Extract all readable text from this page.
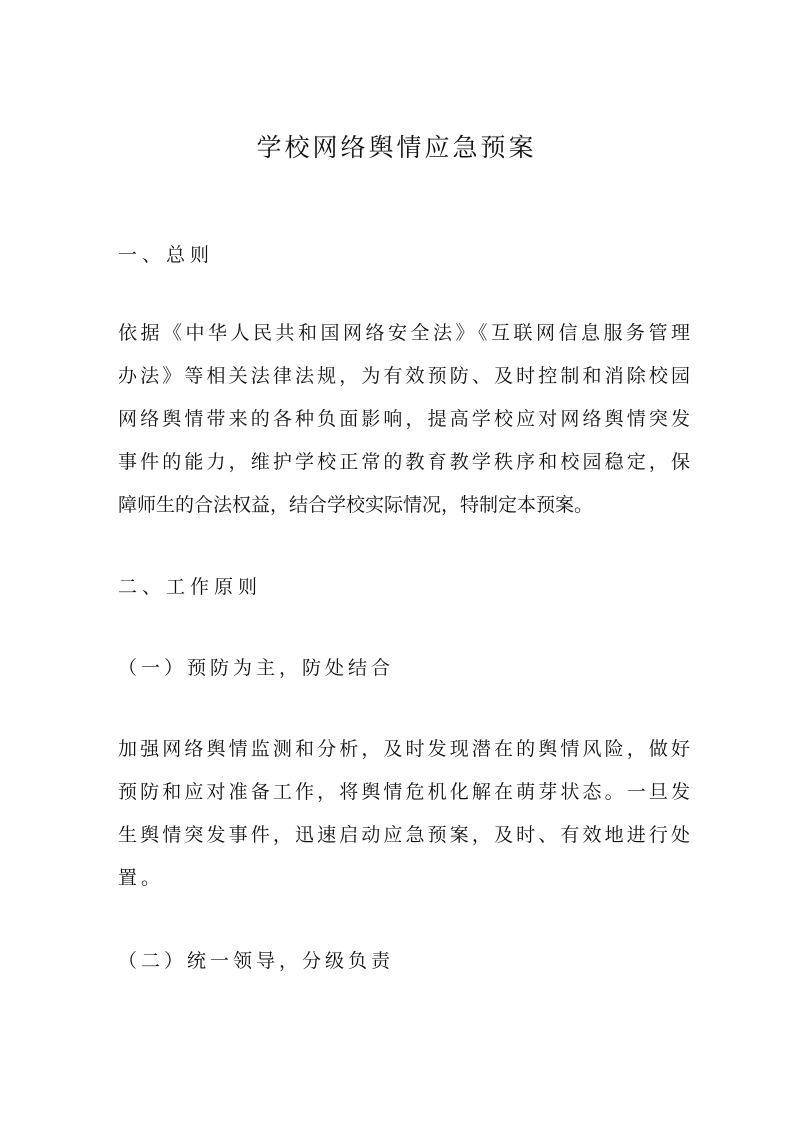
学校网络舆情应急预案
一、总则
依据《中华人民共和国网络安全法》《互联网信息服务管理
办法》等相关法律法规，为有效预防、及时控制和消除校园
网络舆情带来的各种负面影响，提高学校应对网络舆情突发
事件的能力，维护学校正常的教育教学秩序和校园稳定，保
障师生的合法权益，结合学校实际情况，特制定本预案。
二、工作原则
（一）预防为主，防处结合
加强网络舆情监测和分析，及时发现潜在的舆情风险，做好
预防和应对准备工作，将舆情危机化解在萌芽状态。一旦发
生舆情突发事件，迅速启动应急预案，及时、有效地进行处
置。
（二）统一领导，分级负责
